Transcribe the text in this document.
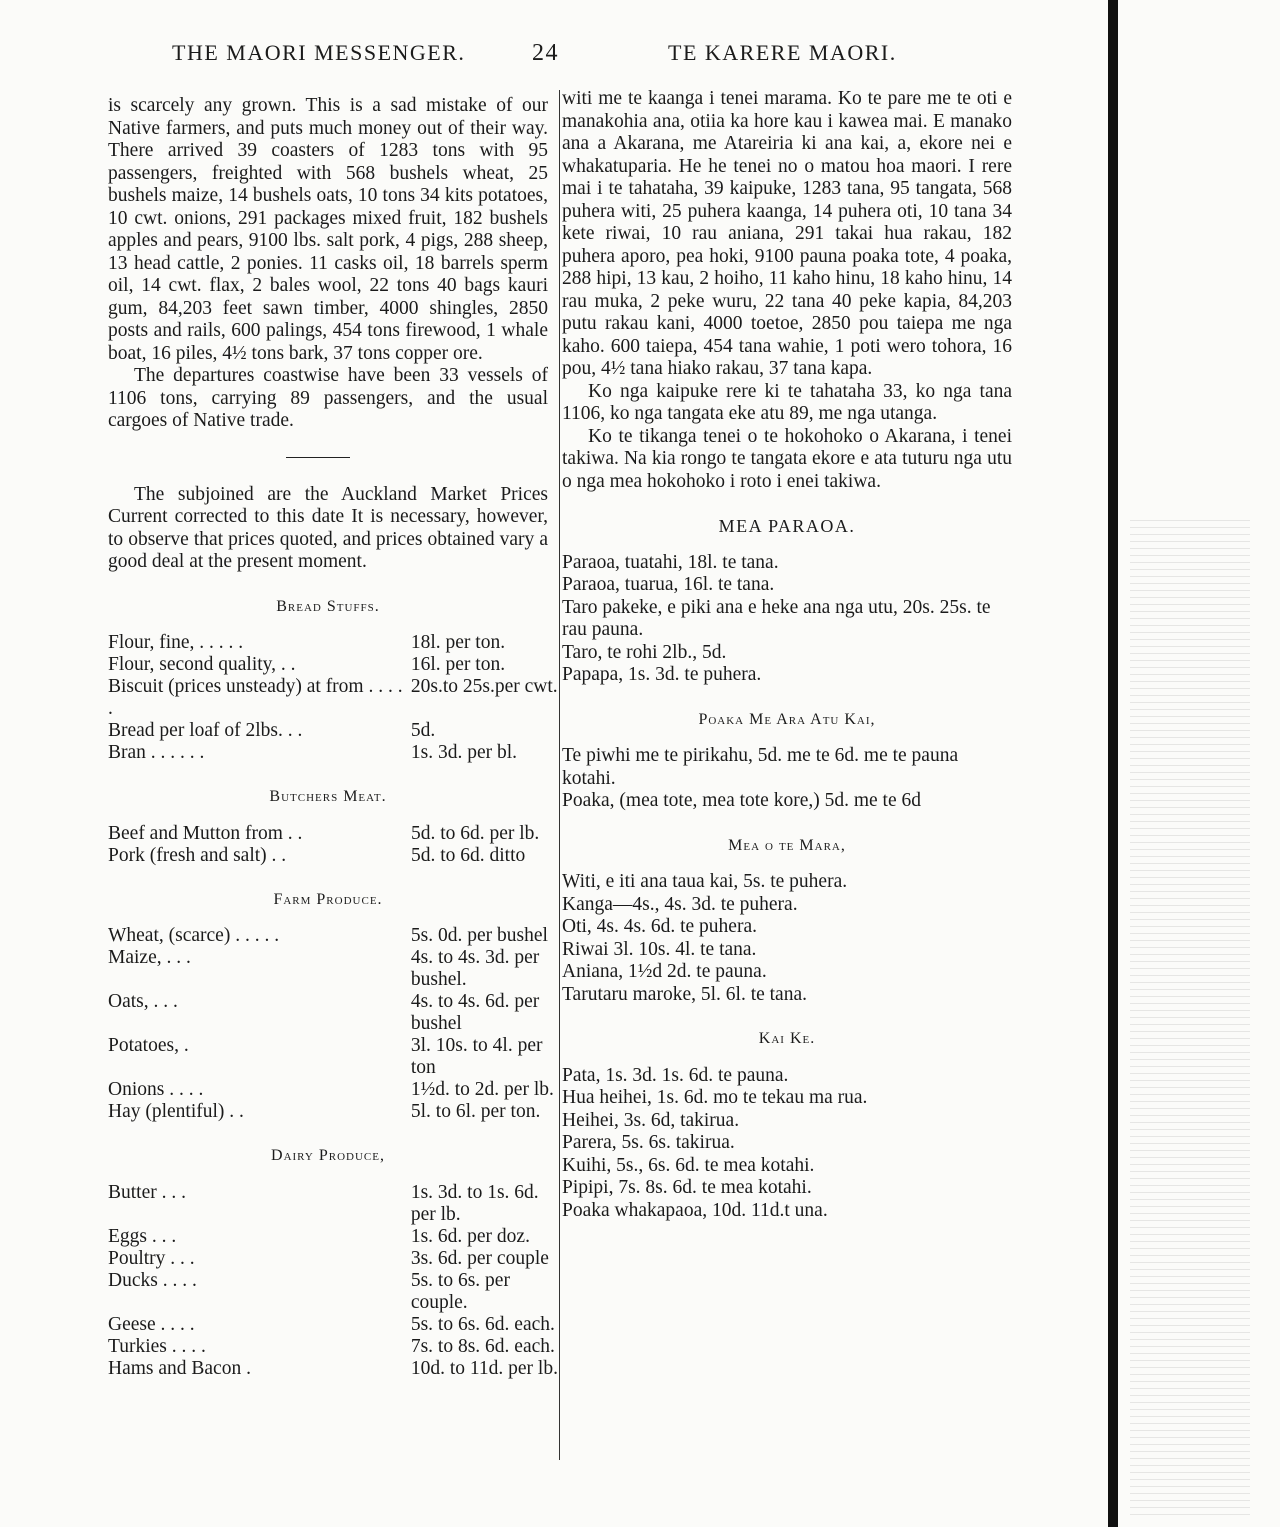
THE MAORI MESSENGER.	24	TE KARERE MAORI.

is scarcely any grown. This is a sad mistake of our Native farmers, and puts much money out of their way. There arrived 39 coasters of 1283 tons with 95 passengers, freighted with 568 bushels wheat, 25 bushels maize, 14 bushels oats, 10 tons 34 kits potatoes, 10 cwt. onions, 291 packages mixed fruit, 182 bushels apples and pears, 9100 lbs. salt pork, 4 pigs, 288 sheep, 13 head cattle, 2 ponies. 11 casks oil, 18 barrels sperm oil, 14 cwt. flax, 2 bales wool, 22 tons 40 bags kauri gum, 84,203 feet sawn timber, 4000 shingles, 2850 posts and rails, 600 palings, 454 tons firewood, 1 whale boat, 16 piles, 4½ tons bark, 37 tons copper ore.

The departures coastwise have been 33 vessels of 1106 tons, carrying 89 passengers, and the usual cargoes of Native trade.

The subjoined are the Auckland Market Prices Current corrected to this date It is necessary, however, to observe that prices quoted, and prices obtained vary a good deal at the present moment.

Bread Stuffs.
Flour, fine, . . . . .	18l. per ton.
Flour, second quality, . .	16l. per ton.
Biscuit (prices unsteady) at from . . . . .	20s.to 25s.per cwt.
Bread per loaf of 2lbs. . .	5d.
Bran . . . . . .	1s. 3d. per bl.
Butchers Meat.
Beef and Mutton from . .	5d. to 6d. per lb.
Pork (fresh and salt) . .	5d. to 6d. ditto
Farm Produce.
Wheat, (scarce) . . . . .	5s. 0d. per bushel
Maize, . . .	4s. to 4s. 3d. per bushel.
Oats, . . .	4s. to 4s. 6d. per bushel
Potatoes, .	3l. 10s. to 4l. per ton
Onions . . . .	1½d. to 2d. per lb.
Hay (plentiful) . .	5l. to 6l. per ton.
Dairy Produce,
Butter . . .	1s. 3d. to 1s. 6d. per lb.
Eggs . . .	1s. 6d. per doz.
Poultry . . .	3s. 6d. per couple
Ducks . . . .	5s. to 6s. per couple.
Geese . . . .	5s. to 6s. 6d. each.
Turkies . . . .	7s. to 8s. 6d. each.
Hams and Bacon .	10d. to 11d. per lb.

witi me te kaanga i tenei marama. Ko te pare me te oti e manakohia ana, otiia ka hore kau i kawea mai. E manako ana a Akarana, me Atareiria ki ana kai, a, ekore nei e whakatuparia. He he tenei no o matou hoa maori. I rere mai i te tahataha, 39 kaipuke, 1283 tana, 95 tangata, 568 puhera witi, 25 puhera kaanga, 14 puhera oti, 10 tana 34 kete riwai, 10 rau aniana, 291 takai hua rakau, 182 puhera aporo, pea hoki, 9100 pauna poaka tote, 4 poaka, 288 hipi, 13 kau, 2 hoiho, 11 kaho hinu, 18 kaho hinu, 14 rau muka, 2 peke wuru, 22 tana 40 peke kapia, 84,203 putu rakau kani, 4000 toetoe, 2850 pou taiepa me nga kaho. 600 taiepa, 454 tana wahie, 1 poti wero tohora, 16 pou, 4½ tana hiako rakau, 37 tana kapa.

Ko nga kaipuke rere ki te tahataha 33, ko nga tana 1106, ko nga tangata eke atu 89, me nga utanga.

Ko te tikanga tenei o te hokohoko o Akarana, i tenei takiwa. Na kia rongo te tangata ekore e ata tuturu nga utu o nga mea hokohoko i roto i enei takiwa.

MEA PARAOA.
Paraoa, tuatahi, 18l. te tana.
Paraoa, tuarua, 16l. te tana.
Taro pakeke, e piki ana e heke ana nga utu, 20s. 25s. te rau pauna.
Taro, te rohi 2lb., 5d.
Papapa, 1s. 3d. te puhera.
Poaka Me Ara Atu Kai,
Te piwhi me te pirikahu, 5d. me te 6d. me te pauna kotahi.
Poaka, (mea tote, mea tote kore,) 5d. me te 6d
Mea o te Mara,
Witi, e iti ana taua kai, 5s. te puhera.
Kanga—4s., 4s. 3d. te puhera.
Oti, 4s. 4s. 6d. te puhera.
Riwai 3l. 10s. 4l. te tana.
Aniana, 1½d 2d. te pauna.
Tarutaru maroke, 5l. 6l. te tana.
Kai Ke.
Pata, 1s. 3d. 1s. 6d. te pauna.
Hua heihei, 1s. 6d. mo te tekau ma rua.
Heihei, 3s. 6d, takirua.
Parera, 5s. 6s. takirua.
Kuihi, 5s., 6s. 6d. te mea kotahi.
Pipipi, 7s. 8s. 6d. te mea kotahi.
Poaka whakapaoa, 10d. 11d.t una.
